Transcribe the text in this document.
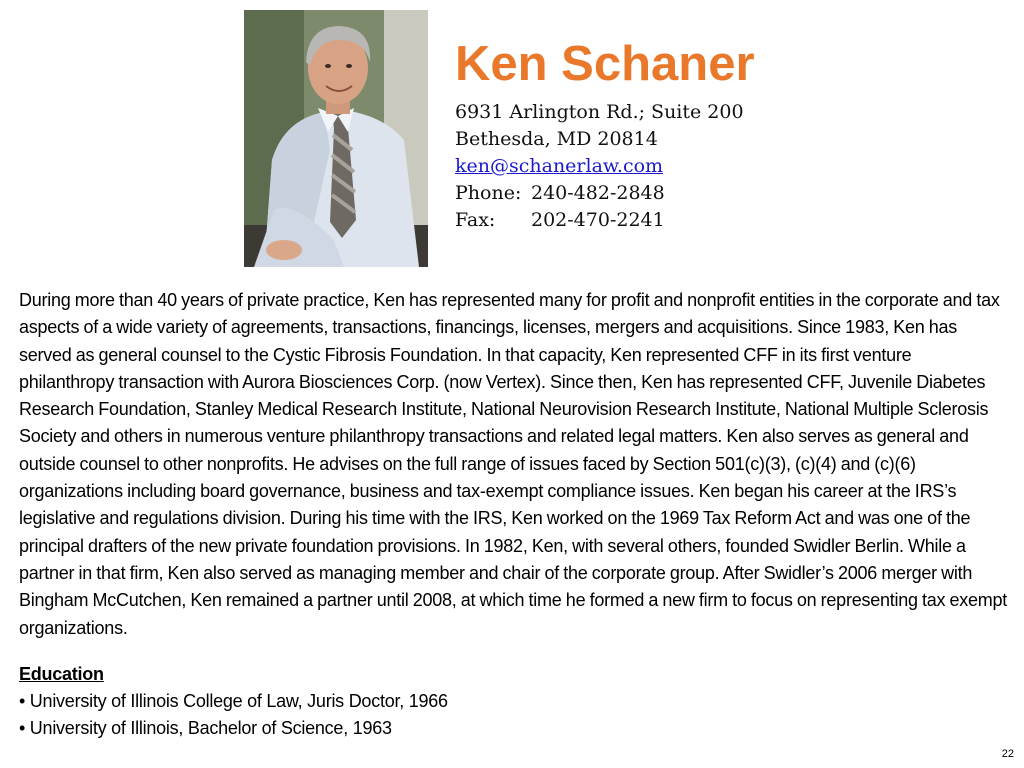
Ken Schaner
6931 Arlington Rd.; Suite 200
Bethesda, MD 20814
ken@schanerlaw.com
Phone: 240-482-2848
Fax: 202-470-2241

During more than 40 years of private practice, Ken has represented many for profit and nonprofit entities in the corporate and tax aspects of a wide variety of agreements, transactions, financings, licenses, mergers and acquisitions. Since 1983, Ken has served as general counsel to the Cystic Fibrosis Foundation. In that capacity, Ken represented CFF in its first venture philanthropy transaction with Aurora Biosciences Corp. (now Vertex). Since then, Ken has represented CFF, Juvenile Diabetes Research Foundation, Stanley Medical Research Institute, National Neurovision Research Institute, National Multiple Sclerosis Society and others in numerous venture philanthropy transactions and related legal matters. Ken also serves as general and outside counsel to other nonprofits. He advises on the full range of issues faced by Section 501(c)(3), (c)(4) and (c)(6) organizations including board governance, business and tax-exempt compliance issues. Ken began his career at the IRS’s legislative and regulations division. During his time with the IRS, Ken worked on the 1969 Tax Reform Act and was one of the principal drafters of the new private foundation provisions. In 1982, Ken, with several others, founded Swidler Berlin. While a partner in that firm, Ken also served as managing member and chair of the corporate group. After Swidler’s 2006 merger with Bingham McCutchen, Ken remained a partner until 2008, at which time he formed a new firm to focus on representing tax exempt organizations.

Education
• University of Illinois College of Law, Juris Doctor, 1966
• University of Illinois, Bachelor of Science, 1963
22
